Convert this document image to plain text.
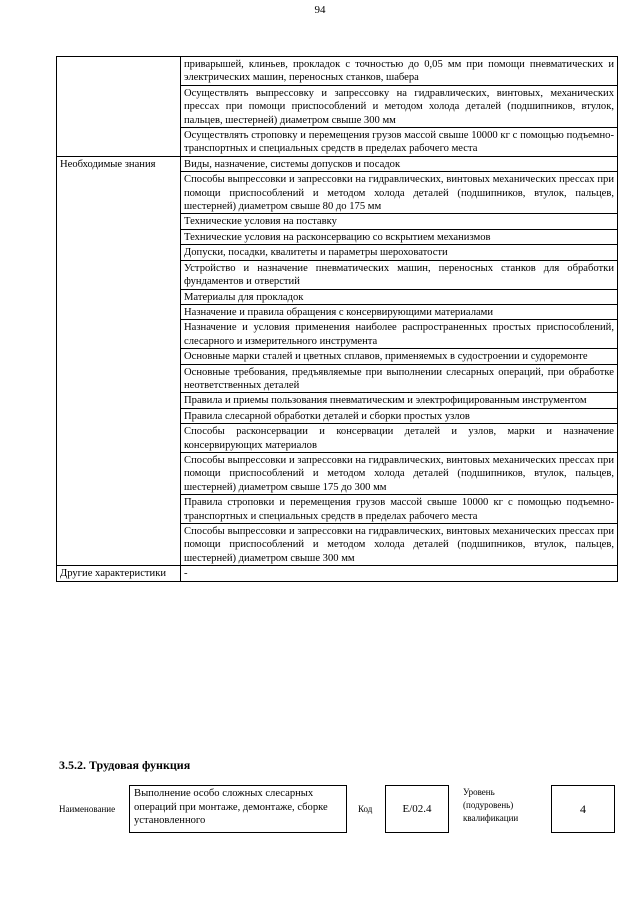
94
	приварышей, клиньев, прокладок с точностью до 0,05 мм при помощи пневматических и электрических машин, переносных станков, шабера
	Осуществлять выпрессовку и запрессовку на гидравлических, винтовых, механических прессах при помощи приспособлений и методом холода деталей (подшипников, втулок, пальцев, шестерней) диаметром свыше 300 мм
	Осуществлять строповку и перемещения грузов массой свыше 10000 кг с помощью подъемно-транспортных и специальных средств в пределах рабочего места
Необходимые знания	Виды, назначение, системы допусков и посадок
	Способы выпрессовки и запрессовки на гидравлических, винтовых механических прессах при помощи приспособлений и методом холода деталей (подшипников, втулок, пальцев, шестерней) диаметром свыше 80 до 175 мм
	Технические условия на поставку
	Технические условия на расконсервацию со вскрытием механизмов
	Допуски, посадки, квалитеты и параметры шероховатости
	Устройство и назначение пневматических машин, переносных станков для обработки фундаментов и отверстий
	Материалы для прокладок
	Назначение и правила обращения с консервирующими материалами
	Назначение и условия применения наиболее распространенных простых приспособлений, слесарного и измерительного инструмента
	Основные марки сталей и цветных сплавов, применяемых в судостроении и судоремонте
	Основные требования, предъявляемые при выполнении слесарных операций, при обработке неответственных деталей
	Правила и приемы пользования пневматическим и электрофицированным инструментом
	Правила слесарной обработки деталей и сборки простых узлов
	Способы расконсервации и консервации деталей и узлов, марки и назначение консервирующих материалов
	Способы выпрессовки и запрессовки на гидравлических, винтовых механических прессах при помощи приспособлений и методом холода деталей (подшипников, втулок, пальцев, шестерней) диаметром свыше 175 до 300 мм
	Правила строповки и перемещения грузов массой свыше 10000 кг с помощью подъемно-транспортных и специальных средств в пределах рабочего места
	Способы выпрессовки и запрессовки на гидравлических, винтовых механических прессах при помощи приспособлений и методом холода деталей (подшипников, втулок, пальцев, шестерней) диаметром свыше 300 мм
Другие характеристики	-
3.5.2. Трудовая функция
Наименование
Выполнение особо сложных слесарных операций при монтаже, демонтаже, сборке установленного
Код	E/02.4
Уровень
(подуровень)
квалификации
4
